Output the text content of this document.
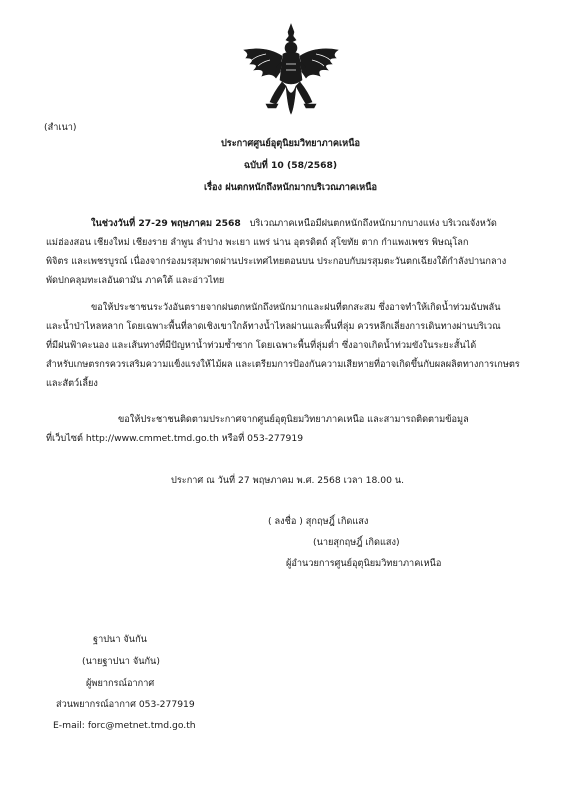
(สำเนา)
ประกาศศูนย์อุตุนิยมวิทยาภาคเหนือ
ฉบับที่ 10 (58/2568)
เรื่อง ฝนตกหนักถึงหนักมากบริเวณภาคเหนือ
ในช่วงวันที่ 27-29 พฤษภาคม 2568 บริเวณภาคเหนือมีฝนตกหนักถึงหนักมากบางแห่ง บริเวณจังหวัด
แม่ฮ่องสอน เชียงใหม่ เชียงราย ลำพูน ลำปาง พะเยา แพร่ น่าน อุตรดิตถ์ สุโขทัย ตาก กำแพงเพชร พิษณุโลก
พิจิตร และเพชรบูรณ์ เนื่องจากร่องมรสุมพาดผ่านประเทศไทยตอนบน ประกอบกับมรสุมตะวันตกเฉียงใต้กำลังปานกลาง
พัดปกคลุมทะเลอันดามัน ภาคใต้ และอ่าวไทย
ขอให้ประชาชนระวังอันตรายจากฝนตกหนักถึงหนักมากและฝนที่ตกสะสม ซึ่งอาจทำให้เกิดน้ำท่วมฉับพลัน
และน้ำป่าไหลหลาก โดยเฉพาะพื้นที่ลาดเชิงเขาใกล้ทางน้ำไหลผ่านและพื้นที่ลุ่ม ควรหลีกเลี่ยงการเดินทางผ่านบริเวณ
ที่มีฝนฟ้าคะนอง และเส้นทางที่มีปัญหาน้ำท่วมซ้ำซาก โดยเฉพาะพื้นที่ลุ่มต่ำ ซึ่งอาจเกิดน้ำท่วมขังในระยะสั้นได้
สำหรับเกษตรกรควรเสริมความแข็งแรงให้ไม้ผล และเตรียมการป้องกันความเสียหายที่อาจเกิดขึ้นกับผลผลิตทางการเกษตร
และสัตว์เลี้ยง
ขอให้ประชาชนติดตามประกาศจากศูนย์อุตุนิยมวิทยาภาคเหนือ และสามารถติดตามข้อมูล
ที่เว็บไซต์ http://www.cmmet.tmd.go.th หรือที่ 053-277919
ประกาศ ณ วันที่ 27 พฤษภาคม พ.ศ. 2568 เวลา 18.00 น.
( ลงชื่อ ) สุกฤษฎิ์ เกิดแสง
(นายสุกฤษฎิ์ เกิดแสง)
ผู้อำนวยการศูนย์อุตุนิยมวิทยาภาคเหนือ
ฐาปนา จันกัน
(นายฐาปนา จันกัน)
ผู้พยากรณ์อากาศ
ส่วนพยากรณ์อากาศ 053-277919
E-mail: forc@metnet.tmd.go.th
